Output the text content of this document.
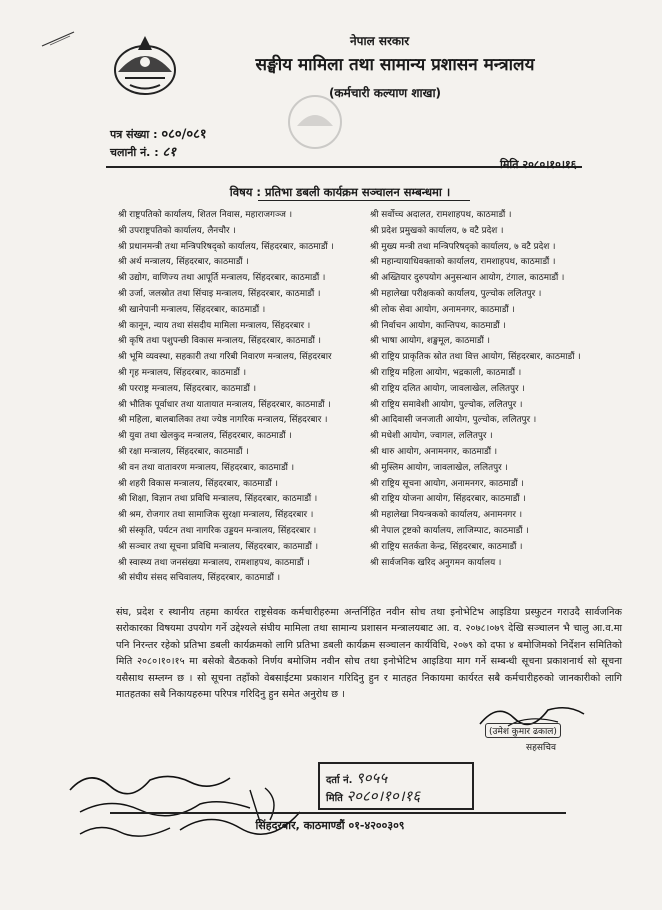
नेपाल सरकार
सङ्घीय मामिला तथा सामान्य प्रशासन मन्त्रालय
(कर्मचारी कल्याण शाखा)
पत्र संख्या : ०८०/०८१
चलानी नं. : ८१
मिति २०८०।१०।१६
विषय : प्रतिभा डबली कार्यक्रम सञ्चालन सम्बन्धमा ।
श्री राष्ट्रपतिको कार्यालय, शितल निवास, महाराजगञ्ज ।
श्री उपराष्ट्रपतिको कार्यालय, लैनचौर ।
श्री प्रधानमन्त्री तथा मन्त्रिपरिषद्को कार्यालय, सिंहदरबार, काठमाडौं ।
श्री अर्थ मन्त्रालय, सिंहदरबार, काठमाडौं ।
श्री उद्योग, वाणिज्य तथा आपूर्ति मन्त्रालय, सिंहदरबार, काठमाडौं ।
श्री उर्जा, जलस्रोत तथा सिंचाइ मन्त्रालय, सिंहदरबार, काठमाडौं ।
श्री खानेपानी मन्त्रालय, सिंहदरबार, काठमाडौं ।
श्री कानून, न्याय तथा संसदीय मामिला मन्त्रालय, सिंहदरबार ।
श्री कृषि तथा पशुपन्छी विकास मन्त्रालय, सिंहदरबार, काठमाडौं ।
श्री भूमि व्यवस्था, सहकारी तथा गरिबी निवारण मन्त्रालय, सिंहदरबार
श्री गृह मन्त्रालय, सिंहदरबार, काठमाडौं ।
श्री परराष्ट्र मन्त्रालय, सिंहदरबार, काठमाडौं ।
श्री भौतिक पूर्वाधार तथा यातायात मन्त्रालय, सिंहदरबार, काठमाडौं ।
श्री महिला, बालबालिका तथा ज्येष्ठ नागरिक मन्त्रालय, सिंहदरबार ।
श्री युवा तथा खेलकुद मन्त्रालय, सिंहदरबार, काठमाडौं ।
श्री रक्षा मन्त्रालय, सिंहदरबार, काठमाडौं ।
श्री वन तथा वातावरण मन्त्रालय, सिंहदरबार, काठमाडौं ।
श्री शहरी विकास मन्त्रालय, सिंहदरबार, काठमाडौं ।
श्री शिक्षा, विज्ञान तथा प्रविधि मन्त्रालय, सिंहदरबार, काठमाडौं ।
श्री श्रम, रोजगार तथा सामाजिक सुरक्षा मन्त्रालय, सिंहदरबार ।
श्री संस्कृति, पर्यटन तथा नागरिक उड्डयन मन्त्रालय, सिंहदरबार ।
श्री सञ्चार तथा सूचना प्रविधि मन्त्रालय, सिंहदरबार, काठमाडौं ।
श्री स्वास्थ्य तथा जनसंख्या मन्त्रालय, रामशाहपथ, काठमाडौं ।
श्री संघीय संसद सचिवालय, सिंहदरबार, काठमाडौं ।
श्री सर्वोच्च अदालत, रामशाहपथ, काठमाडौं ।
श्री प्रदेश प्रमुखको कार्यालय, ७ वटै प्रदेश ।
श्री मुख्य मन्त्री तथा मन्त्रिपरिषद्को कार्यालय, ७ वटै प्रदेश ।
श्री महान्यायाधिवक्ताको कार्यालय, रामशाहपथ, काठमाडौं ।
श्री अख्तियार दुरुपयोग अनुसन्धान आयोग, टंगाल, काठमाडौं ।
श्री महालेखा परीक्षकको कार्यालय, पुल्चोक ललितपुर ।
श्री लोक सेवा आयोग, अनामनगर, काठमाडौं ।
श्री निर्वाचन आयोग, कान्तिपथ, काठमाडौं ।
श्री भाषा आयोग, शङ्खमूल, काठमाडौं ।
श्री राष्ट्रिय प्राकृतिक स्रोत तथा वित्त आयोग, सिंहदरबार, काठमाडौं ।
श्री राष्ट्रिय महिला आयोग, भद्रकाली, काठमाडौं ।
श्री राष्ट्रिय दलित आयोग, जावलाखेल, ललितपुर ।
श्री राष्ट्रिय समावेशी आयोग, पुल्चोक, ललितपुर ।
श्री आदिवासी जनजाती आयोग, पुल्चोक, ललितपुर ।
श्री मधेशी आयोग, ज्वागल, ललितपुर ।
श्री थारु आयोग, अनामनगर, काठमाडौं ।
श्री मुस्लिम आयोग, जावलाखेल, ललितपुर ।
श्री राष्ट्रिय सूचना आयोग, अनामनगर, काठमाडौं ।
श्री राष्ट्रिय योजना आयोग, सिंहदरबार, काठमाडौं ।
श्री महालेखा नियन्त्रकको कार्यालय, अनामनगर ।
श्री नेपाल ट्रष्टको कार्यालय, लाजिम्पाट, काठमाडौं ।
श्री राष्ट्रिय सतर्कता केन्द्र, सिंहदरबार, काठमाडौं ।
श्री सार्वजनिक खरिद अनुगमन कार्यालय ।
संघ, प्रदेश र स्थानीय तहमा कार्यरत राष्ट्रसेवक कर्मचारीहरुमा अन्तर्निहित नवीन सोच तथा इनोभेटिभ आइडिया प्रस्फुटन गराउदै सार्वजनिक सरोकारका विषयमा उपयोग गर्ने उद्देश्यले संघीय मामिला तथा सामान्य प्रशासन मन्त्रालयबाट आ. व. २०७८।०७९ देखि सञ्चालन भै चालु आ.व.मा पनि निरन्तर रहेको प्रतिभा डबली कार्यक्रमको लागि प्रतिभा डबली कार्यक्रम सञ्चालन कार्यविधि, २०७९ को दफा ४ बमोजिमको निर्देशन समितिको मिति २०८०।१०।१५ मा बसेको बैठकको निर्णय बमोजिम नवीन सोच तथा इनोभेटिभ आइडिया माग गर्ने सम्बन्धी सूचना प्रकाशनार्थ सो सूचना यसैसाथ सम्लग्न छ । सो सूचना तहाँको वेबसाईटमा प्रकाशन गरिदिनु हुन र मातहत निकायमा कार्यरत सबै कर्मचारीहरुको जानकारीको लागि मातहतका सबै निकायहरुमा परिपत्र गरिदिनु हुन समेत अनुरोध छ ।
(उमेश कुमार ढकाल)
सहसचिव
दर्ता नं. ९०५५
मिति २०८०।१०।१६
सिंहदरबार, काठमाण्डौं ०१-४२००३०९
